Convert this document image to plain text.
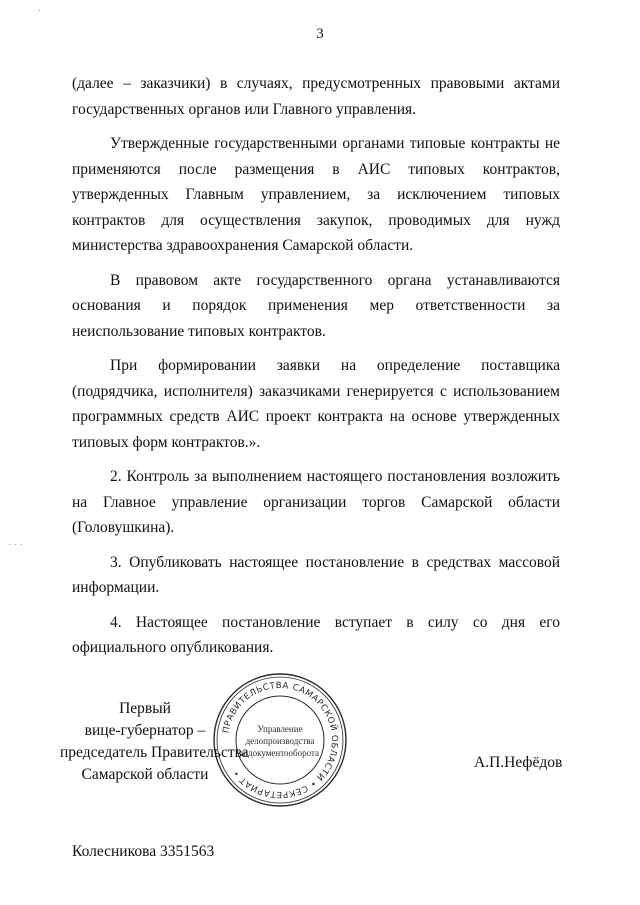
·
· · ·
3

(далее – заказчики) в случаях, предусмотренных правовыми актами государственных органов или Главного управления.

Утвержденные государственными органами типовые контракты не применяются после размещения в АИС типовых контрактов, утвержденных Главным управлением, за исключением типовых контрактов для осуществления закупок, проводимых для нужд министерства здравоохранения Самарской области.

В правовом акте государственного органа устанавливаются основания и порядок применения мер ответственности за неиспользование типовых контрактов.

При формировании заявки на определение поставщика (подрядчика, исполнителя) заказчиками генерируется с использованием программных средств АИС проект контракта на основе утвержденных типовых форм контрактов.».

2. Контроль за выполнением настоящего постановления возложить на Главное управление организации торгов Самарской области (Головушкина).

3. Опубликовать настоящее постановление в средствах массовой информации.

4. Настоящее постановление вступает в силу со дня его официального опубликования.

ПРАВИТЕЛЬСТВА САМАРСКОЙ ОБЛАСТИ • СЕКРЕТАРИАТ •
Управление
делопроизводства
и документооборота
Первый
вице-губернатор –
председатель Правительства
Самарской области
А.П.Нефёдов
Колесникова 3351563
